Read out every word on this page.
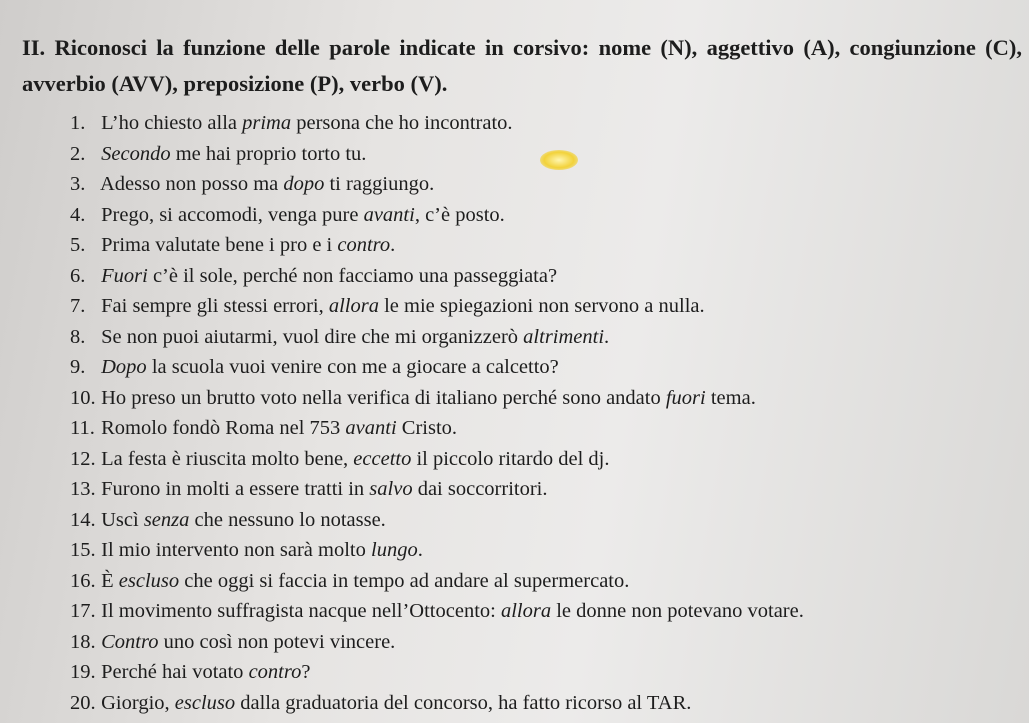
II. Riconosci la funzione delle parole indicate in corsivo: nome (N), aggettivo (A), congiunzione (C), avverbio (AVV), preposizione (P), verbo (V).
1. L’ho chiesto alla prima persona che ho incontrato.
2. Secondo me hai proprio torto tu.
3. Adesso non posso ma dopo ti raggiungo.
4. Prego, si accomodi, venga pure avanti, c’è posto.
5. Prima valutate bene i pro e i contro.
6. Fuori c’è il sole, perché non facciamo una passeggiata?
7. Fai sempre gli stessi errori, allora le mie spiegazioni non servono a nulla.
8. Se non puoi aiutarmi, vuol dire che mi organizzerò altrimenti.
9. Dopo la scuola vuoi venire con me a giocare a calcetto?
10. Ho preso un brutto voto nella verifica di italiano perché sono andato fuori tema.
11. Romolo fondò Roma nel 753 avanti Cristo.
12. La festa è riuscita molto bene, eccetto il piccolo ritardo del dj.
13. Furono in molti a essere tratti in salvo dai soccorritori.
14. Uscì senza che nessuno lo notasse.
15. Il mio intervento non sarà molto lungo.
16. È escluso che oggi si faccia in tempo ad andare al supermercato.
17. Il movimento suffragista nacque nell’Ottocento: allora le donne non potevano votare.
18. Contro uno così non potevi vincere.
19. Perché hai votato contro?
20. Giorgio, escluso dalla graduatoria del concorso, ha fatto ricorso al TAR.
